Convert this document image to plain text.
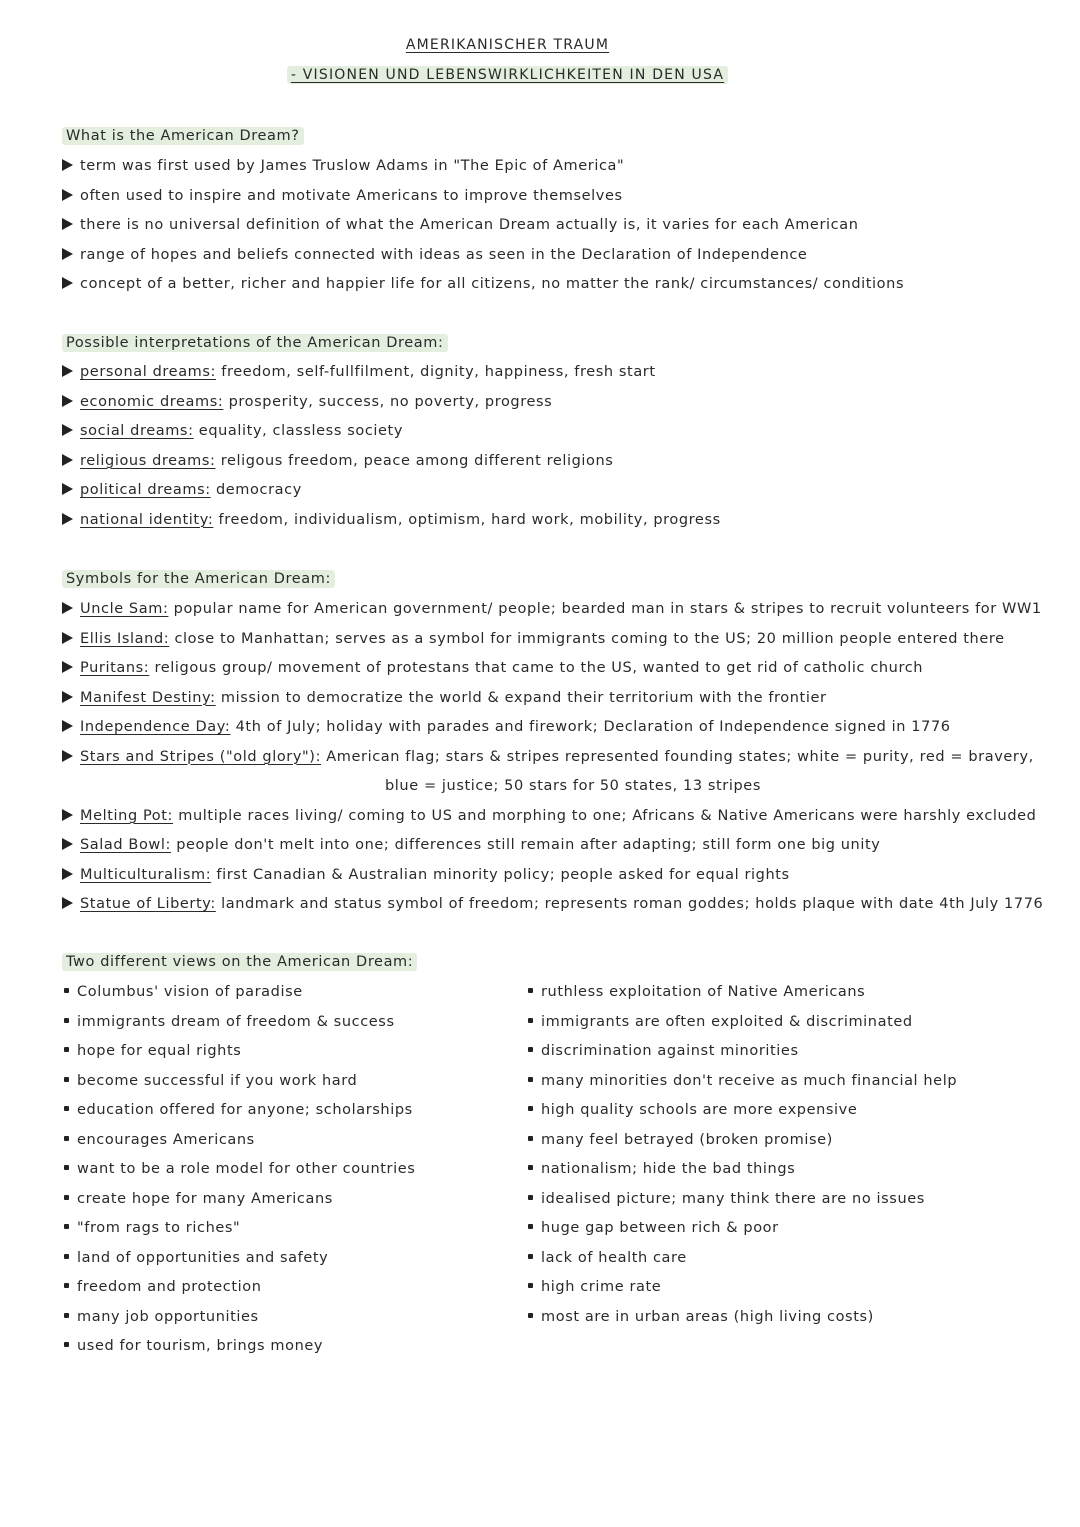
AMERIKANISCHER TRAUM
- VISIONEN UND LEBENSWIRKLICHKEITEN IN DEN USA
What is the American Dream?
term was first used by James Truslow Adams in "The Epic of America"
often used to inspire and motivate Americans to improve themselves
there is no universal definition of what the American Dream actually is, it varies for each American
range of hopes and beliefs connected with ideas as seen in the Declaration of Independence
concept of a better, richer and happier life for all citizens, no matter the rank/ circumstances/ conditions
Possible interpretations of the American Dream:
personal dreams: freedom, self-fullfilment, dignity, happiness, fresh start
economic dreams: prosperity, success, no poverty, progress
social dreams: equality, classless society
religious dreams: religous freedom, peace among different religions
political dreams: democracy
national identity: freedom, individualism, optimism, hard work, mobility, progress
Symbols for the American Dream:
Uncle Sam: popular name for American government/ people; bearded man in stars & stripes to recruit volunteers for WW1
Ellis Island: close to Manhattan; serves as a symbol for immigrants coming to the US; 20 million people entered there
Puritans: religous group/ movement of protestans that came to the US, wanted to get rid of catholic church
Manifest Destiny: mission to democratize the world & expand their territorium with the frontier
Independence Day: 4th of July; holiday with parades and firework; Declaration of Independence signed in 1776
Stars and Stripes ("old glory"): American flag; stars & stripes represented founding states; white = purity, red = bravery,
blue = justice; 50 stars for 50 states, 13 stripes
Melting Pot: multiple races living/ coming to US and morphing to one; Africans & Native Americans were harshly excluded
Salad Bowl: people don't melt into one; differences still remain after adapting; still form one big unity
Multiculturalism: first Canadian & Australian minority policy; people asked for equal rights
Statue of Liberty: landmark and status symbol of freedom; represents roman goddes; holds plaque with date 4th July 1776
Two different views on the American Dream:
Columbus' vision of paradise
immigrants dream of freedom & success
hope for equal rights
become successful if you work hard
education offered for anyone; scholarships
encourages Americans
want to be a role model for other countries
create hope for many Americans
"from rags to riches"
land of opportunities and safety
freedom and protection
many job opportunities
used for tourism, brings money
ruthless exploitation of Native Americans
immigrants are often exploited & discriminated
discrimination against minorities
many minorities don't receive as much financial help
high quality schools are more expensive
many feel betrayed (broken promise)
nationalism; hide the bad things
idealised picture; many think there are no issues
huge gap between rich & poor
lack of health care
high crime rate
most are in urban areas (high living costs)
